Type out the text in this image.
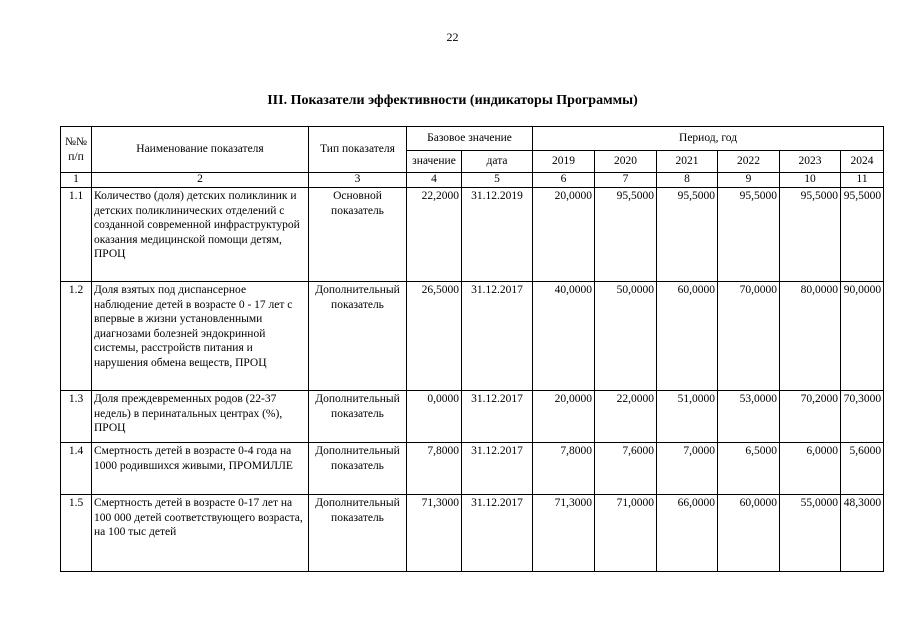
22
III. Показатели эффективности (индикаторы Программы)
№№ п/п	Наименование показателя	Тип показателя	Базовое значение		Период, год					
			значение	дата	2019	2020	2021	2022	2023	2024
1	2	3	4	5	6	7	8	9	10	11
1.1	Количество (доля) детских поликлиник и детских поликлинических отделений с созданной современной инфраструктурой оказания медицинской помощи детям, ПРОЦ	Основной показатель	22,2000	31.12.2019	20,0000	95,5000	95,5000	95,5000	95,5000	95,5000
1.2	Доля взятых под диспансерное наблюдение детей в возрасте 0 - 17 лет с впервые в жизни установленными диагнозами болезней эндокринной системы, расстройств питания и нарушения обмена веществ, ПРОЦ	Дополнительный показатель	26,5000	31.12.2017	40,0000	50,0000	60,0000	70,0000	80,0000	90,0000
1.3	Доля преждевременных родов (22-37 недель) в перинатальных центрах (%), ПРОЦ	Дополнительный показатель	0,0000	31.12.2017	20,0000	22,0000	51,0000	53,0000	70,2000	70,3000
1.4	Смертность детей в возрасте 0-4 года на 1000 родившихся живыми, ПРОМИЛЛЕ	Дополнительный показатель	7,8000	31.12.2017	7,8000	7,6000	7,0000	6,5000	6,0000	5,6000
1.5	Смертность детей в возрасте 0-17 лет на 100 000 детей соответствующего возраста, на 100 тыс детей	Дополнительный показатель	71,3000	31.12.2017	71,3000	71,0000	66,0000	60,0000	55,0000	48,3000
